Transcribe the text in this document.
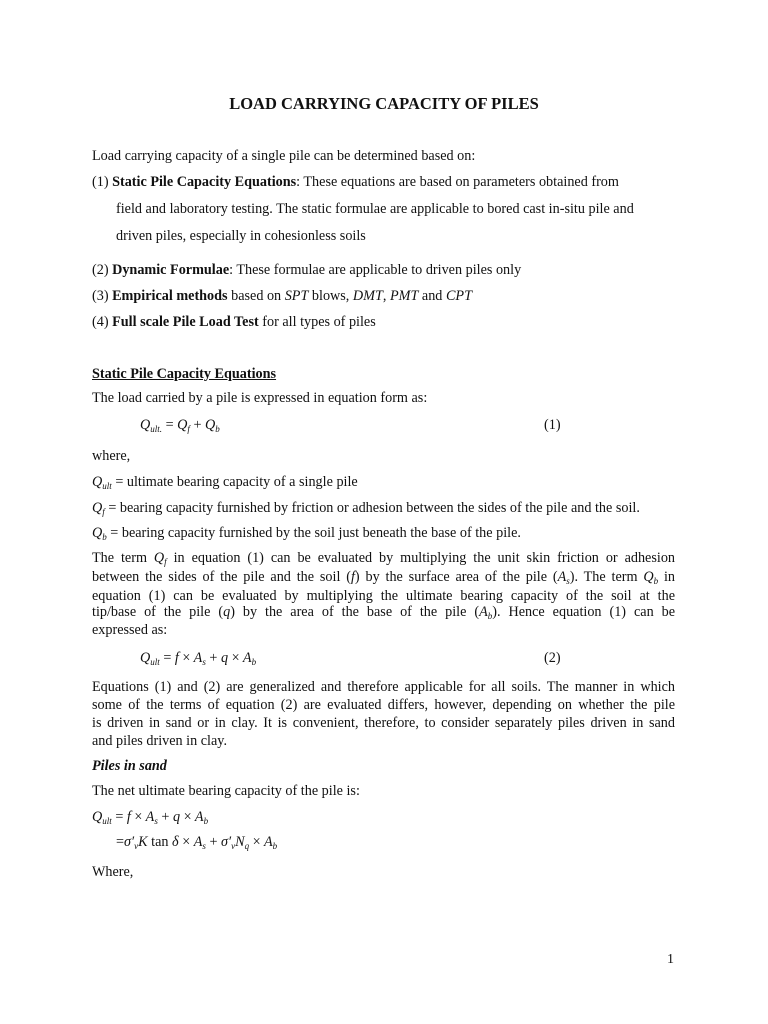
LOAD CARRYING CAPACITY OF PILES
Load carrying capacity of a single pile can be determined based on:
(1) Static Pile Capacity Equations: These equations are based on parameters obtained from
field and laboratory testing. The static formulae are applicable to bored cast in-situ pile and
driven piles, especially in cohesionless soils
(2) Dynamic Formulae: These formulae are applicable to driven piles only
(3) Empirical methods based on SPT blows, DMT, PMT and CPT
(4) Full scale Pile Load Test for all types of piles
Static Pile Capacity Equations
The load carried by a pile is expressed in equation form as:
$Q_{ult.} = Q_f + Q_b$	(1)
where,
$Q_{ult}$ = ultimate bearing capacity of a single pile
$Q_f$ = bearing capacity furnished by friction or adhesion between the sides of the pile and the soil.
$Q_b$ = bearing capacity furnished by the soil just beneath the base of the pile.
The term $Q_f$ in equation (1) can be evaluated by multiplying the unit skin friction or adhesion
between the sides of the pile and the soil (f) by the surface area of the pile $(A_s)$. The term $Q_b$ in
equation (1) can be evaluated by multiplying the ultimate bearing capacity of the soil at the
tip/base of the pile (q) by the area of the base of the pile $(A_b)$. Hence equation (1) can be
expressed as:
$Q_{ult} = f \times A_s + q \times A_b$	(2)
Equations (1) and (2) are generalized and therefore applicable for all soils. The manner in which
some of the terms of equation (2) are evaluated differs, however, depending on whether the pile
is driven in sand or in clay. It is convenient, therefore, to consider separately piles driven in sand
and piles driven in clay.
Piles in sand
The net ultimate bearing capacity of the pile is:
$Q_{ult} = f \times A_s + q \times A_b$
$=\sigma'_vK$ $\tan \delta \times A_s + \sigma'_vN_q \times A_b$
Where,
1
